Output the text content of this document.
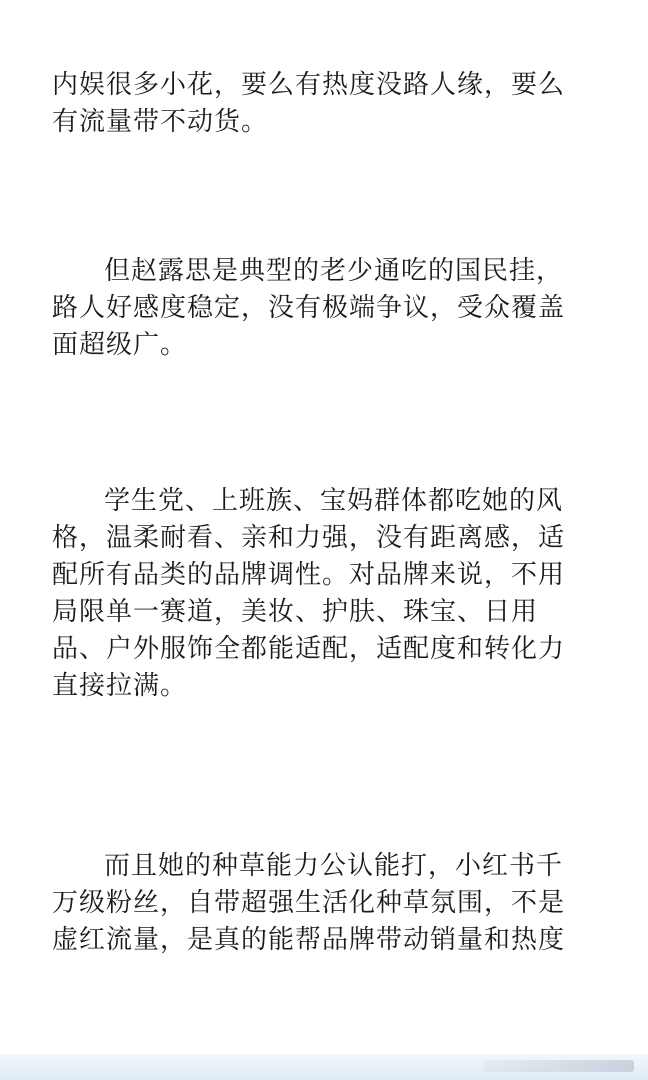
内娱很多小花，要么有热度没路人缘，要么
有流量带不动货。

但赵露思是典型的老少通吃的国民挂，
路人好感度稳定，没有极端争议，受众覆盖
面超级广。

学生党、上班族、宝妈群体都吃她的风
格，温柔耐看、亲和力强，没有距离感，适
配所有品类的品牌调性。对品牌来说，不用
局限单一赛道，美妆、护肤、珠宝、日用
品、户外服饰全都能适配，适配度和转化力
直接拉满。

而且她的种草能力公认能打，小红书千
万级粉丝，自带超强生活化种草氛围，不是
虚红流量，是真的能帮品牌带动销量和热度
